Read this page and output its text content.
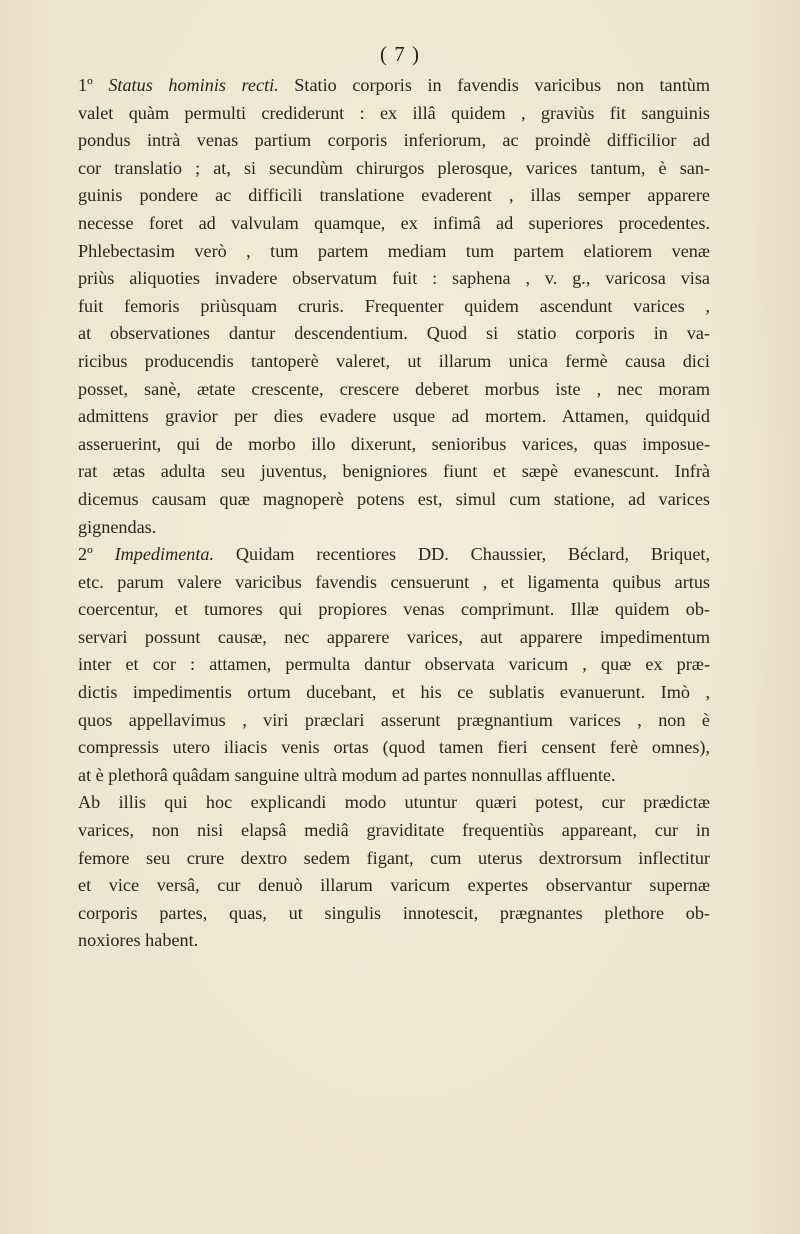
( 7 )
1º Status hominis recti. Statio corporis in favendis varicibus non tantùm
valet quàm permulti crediderunt : ex illâ quidem , graviùs fit sanguinis
pondus intrà venas partium corporis inferiorum, ac proindè difficilior ad
cor translatio ; at, si secundùm chirurgos plerosque, varices tantum, è san-
guinis pondere ac difficili translatione evaderent , illas semper apparere
necesse foret ad valvulam quamque, ex infimâ ad superiores procedentes.
Phlebectasim verò , tum partem mediam tum partem elatiorem venæ
priùs aliquoties invadere observatum fuit : saphena , v. g., varicosa visa
fuit femoris priùsquam cruris. Frequenter quidem ascendunt varices ,
at observationes dantur descendentium. Quod si statio corporis in va-
ricibus producendis tantoperè valeret, ut illarum unica fermè causa dici
posset, sanè, ætate crescente, crescere deberet morbus iste , nec moram
admittens gravior per dies evadere usque ad mortem. Attamen, quidquid
asseruerint, qui de morbo illo dixerunt, senioribus varices, quas imposue-
rat ætas adulta seu juventus, benigniores fiunt et sæpè evanescunt. Infrà
dicemus causam quæ magnoperè potens est, simul cum statione, ad varices
gignendas.
2º Impedimenta. Quidam recentiores DD. Chaussier, Béclard, Briquet,
etc. parum valere varicibus favendis censuerunt , et ligamenta quibus artus
coercentur, et tumores qui propiores venas comprimunt. Illæ quidem ob-
servari possunt causæ, nec apparere varices, aut apparere impedimentum
inter et cor : attamen, permulta dantur observata varicum , quæ ex præ-
dictis impedimentis ortum ducebant, et his ce sublatis evanuerunt. Imò ,
quos appellavimus , viri præclari asserunt prægnantium varices , non è
compressis utero iliacis venis ortas (quod tamen fieri censent ferè omnes),
at è plethorâ quâdam sanguine ultrà modum ad partes nonnullas affluente.
Ab illis qui hoc explicandi modo utuntur quæri potest, cur prædictæ
varices, non nisi elapsâ mediâ graviditate frequentiùs appareant, cur in
femore seu crure dextro sedem figant, cum uterus dextrorsum inflectitur
et vice versâ, cur denuò illarum varicum expertes observantur supernæ
corporis partes, quas, ut singulis innotescit, prægnantes plethore ob-
noxiores habent.
